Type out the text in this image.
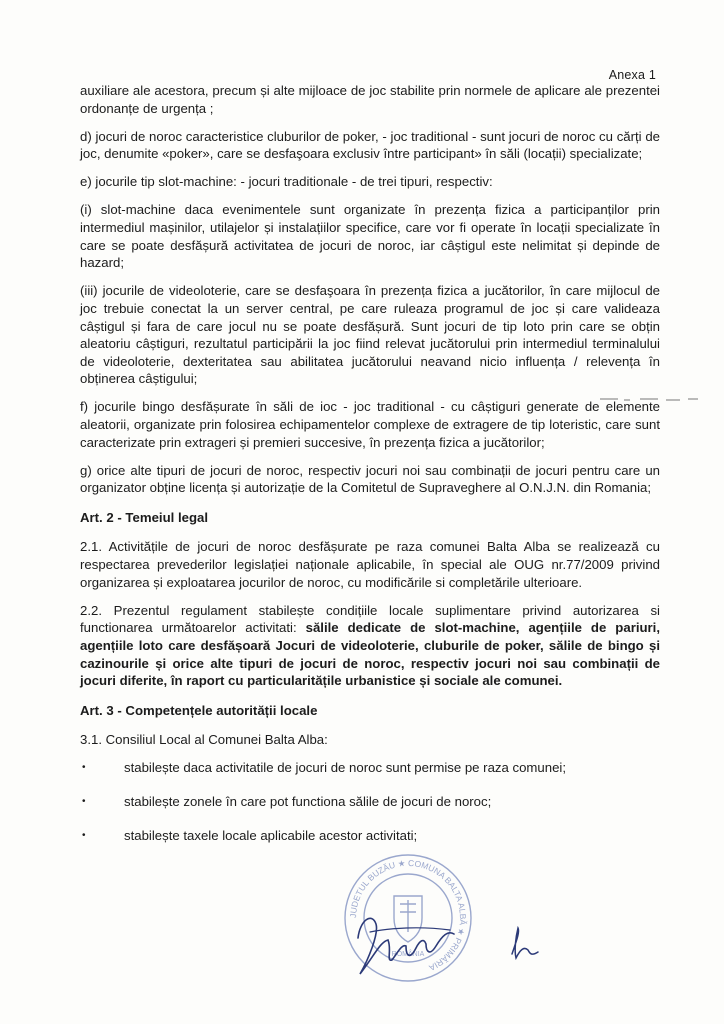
Anexa 1

auxiliare ale acestora, precum și alte mijloace de joc stabilite prin normele de aplicare ale prezentei ordonanțe de urgența ;

d) jocuri de noroc caracteristice cluburilor de poker, - joc traditional - sunt jocuri de noroc cu cărți de joc, denumite «poker», care se desfaşoara exclusiv între participant» în săli (locații) specializate;

e) jocurile tip slot-machine: - jocuri traditionale - de trei tipuri, respectiv:

(i) slot-machine daca evenimentele sunt organizate în prezența fizica a participanților prin intermediul mașinilor, utilajelor și instalațiilor specifice, care vor fi operate în locații specializate în care se poate desfășură activitatea de jocuri de noroc, iar câștigul este nelimitat și depinde de hazard;

(iii) jocurile de videoloterie, care se desfaşoara în prezența fizica a jucătorilor, în care mijlocul de joc trebuie conectat la un server central, pe care ruleaza programul de joc și care valideaza câștigul și fara de care jocul nu se poate desfășură. Sunt jocuri de tip loto prin care se obțin aleatoriu câștiguri, rezultatul participării la joc fiind relevat jucătorului prin intermediul terminalului de videoloterie, dexteritatea sau abilitatea jucătorului neavand nicio influența / relevența în obținerea câștigului;

f) jocurile bingo desfășurate în săli de ioc - joc traditional - cu câștiguri generate de elemente aleatorii, organizate prin folosirea echipamentelor complexe de extragere de tip loteristic, care sunt caracterizate prin extrageri și premieri succesive, în prezența fizica a jucătorilor;

g) orice alte tipuri de jocuri de noroc, respectiv jocuri noi sau combinații de jocuri pentru care un organizator obține licența și autorizație de la Comitetul de Supraveghere al O.N.J.N. din Romania;

Art. 2 - Temeiul legal

2.1. Activitățile de jocuri de noroc desfășurate pe raza comunei Balta Alba se realizează cu respectarea prevederilor legislației naționale aplicabile, în special ale OUG nr.77/2009 privind organizarea și exploatarea jocurilor de noroc, cu modificările si completările ulterioare.

2.2. Prezentul regulament stabilește condițiile locale suplimentare privind autorizarea si functionarea următoarelor activitati: sălile dedicate de slot-machine, agențiile de pariuri, agențiile loto care desfășoară Jocuri de videoloterie, cluburile de poker, sălile de bingo și cazinourile și orice alte tipuri de jocuri de noroc, respectiv jocuri noi sau combinații de jocuri diferite, în raport cu particularitățile urbanistice și sociale ale comunei.

Art. 3 - Competențele autorității locale

3.1. Consiliul Local al Comunei Balta Alba:

•	stabilește daca activitatile de jocuri de noroc sunt permise pe raza comunei;
•	stabilește zonele în care pot functiona sălile de jocuri de noroc;
•	stabilește taxele locale aplicabile acestor activitati;
JUDETUL BUZĂU ★ COMUNA BALTA ALBĂ ★ PRIMĂRIA
ROMÂNIA
